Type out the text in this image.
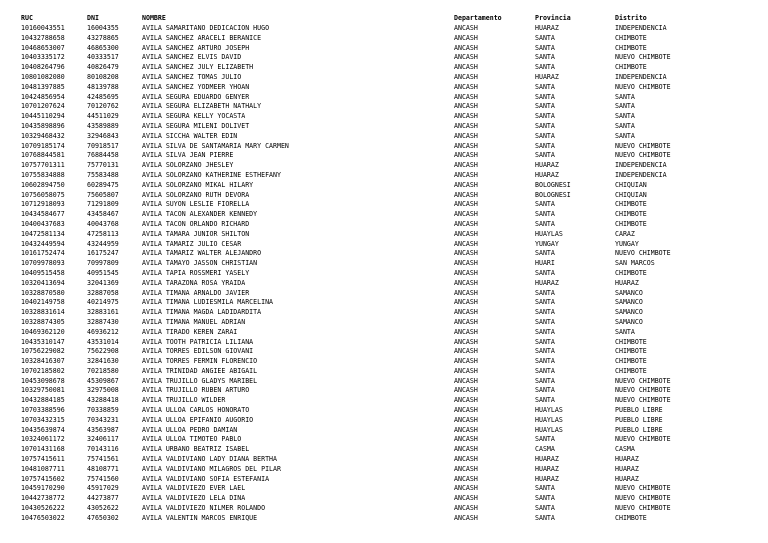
RUC	DNI	NOMBRE	Departamento	Provincia	Distrito
10160043551	16004355	AVILA SAMARITANO DEDICACION HUGO	ANCASH	HUARAZ	INDEPENDENCIA
10432788658	43278865	AVILA SANCHEZ ARACELI BERANICE	ANCASH	SANTA	CHIMBOTE
10468653007	46865300	AVILA SANCHEZ ARTURO JOSEPH	ANCASH	SANTA	CHIMBOTE
10403335172	40333517	AVILA SANCHEZ ELVIS DAVID	ANCASH	SANTA	NUEVO CHIMBOTE
10408264796	40826479	AVILA SANCHEZ JULY ELIZABETH	ANCASH	SANTA	CHIMBOTE
10801082080	80108208	AVILA SANCHEZ TOMAS JULIO	ANCASH	HUARAZ	INDEPENDENCIA
10481397885	48139788	AVILA SANCHEZ YODMEER YHOAN	ANCASH	SANTA	NUEVO CHIMBOTE
10424856954	42485695	AVILA SEGURA EDUARDO GENYER	ANCASH	SANTA	SANTA
10701207624	70120762	AVILA SEGURA ELIZABETH NATHALY	ANCASH	SANTA	SANTA
10445110294	44511029	AVILA SEGURA KELLY YOCASTA	ANCASH	SANTA	SANTA
10435898896	43589889	AVILA SEGURA MILENI DOLIVET	ANCASH	SANTA	SANTA
10329468432	32946843	AVILA SICCHA WALTER EDIN	ANCASH	SANTA	SANTA
10709185174	70918517	AVILA SILVA DE SANTAMARIA MARY CARMEN	ANCASH	SANTA	NUEVO CHIMBOTE
10768844581	76884458	AVILA SILVA JEAN PIERRE	ANCASH	SANTA	NUEVO CHIMBOTE
10757701311	75770131	AVILA SOLORZANO JHESLEY	ANCASH	HUARAZ	INDEPENDENCIA
10755834888	75583488	AVILA SOLORZANO KATHERINE ESTHEFANY	ANCASH	HUARAZ	INDEPENDENCIA
10602894750	60289475	AVILA SOLORZANO MIKAL HILARY	ANCASH	BOLOGNESI	CHIQUIAN
10756058075	75605807	AVILA SOLORZANO RUTH DEVORA	ANCASH	BOLOGNESI	CHIQUIAN
10712918093	71291809	AVILA SUYON LESLIE FIORELLA	ANCASH	SANTA	CHIMBOTE
10434584677	43458467	AVILA TACON ALEXANDER KENNEDY	ANCASH	SANTA	CHIMBOTE
10400437683	40043768	AVILA TACON ORLANDO RICHARD	ANCASH	SANTA	CHIMBOTE
10472581134	47258113	AVILA TAMARA JUNIOR SHILTON	ANCASH	HUAYLAS	CARAZ
10432449594	43244959	AVILA TAMARIZ JULIO CESAR	ANCASH	YUNGAY	YUNGAY
10161752474	16175247	AVILA TAMARIZ WALTER ALEJANDRO	ANCASH	SANTA	NUEVO CHIMBOTE
10709978093	70997809	AVILA TAMAYO JASSON CHRISTIAN	ANCASH	HUARI	SAN MARCOS
10409515458	40951545	AVILA TAPIA ROSSMERI YASELY	ANCASH	SANTA	CHIMBOTE
10320413694	32041369	AVILA TARAZONA ROSA YRAIDA	ANCASH	HUARAZ	HUARAZ
10328870580	32887058	AVILA TIMANA ARNALDO JAVIER	ANCASH	SANTA	SAMANCO
10402149758	40214975	AVILA TIMANA LUDIESMILA MARCELINA	ANCASH	SANTA	SAMANCO
10328831614	32883161	AVILA TIMANA MAGDA LADIDARDITA	ANCASH	SANTA	SAMANCO
10328874305	32887430	AVILA TIMANA MANUEL ADRIAN	ANCASH	SANTA	SAMANCO
10469362120	46936212	AVILA TIRADO KEREN ZARAI	ANCASH	SANTA	SANTA
10435310147	43531014	AVILA TOOTH PATRICIA LILIANA	ANCASH	SANTA	CHIMBOTE
10756229082	75622908	AVILA TORRES EDILSON GIOVANI	ANCASH	SANTA	CHIMBOTE
10328416307	32841630	AVILA TORRES FERMIN FLORENCIO	ANCASH	SANTA	CHIMBOTE
10702185802	70218580	AVILA TRINIDAD ANGIEE ABIGAIL	ANCASH	SANTA	CHIMBOTE
10453098678	45309867	AVILA TRUJILLO GLADYS MARIBEL	ANCASH	SANTA	NUEVO CHIMBOTE
10329750081	32975008	AVILA TRUJILLO RUBEN ARTURO	ANCASH	SANTA	NUEVO CHIMBOTE
10432884185	43288418	AVILA TRUJILLO WILDER	ANCASH	SANTA	NUEVO CHIMBOTE
10703388596	70338859	AVILA ULLOA CARLOS HONORATO	ANCASH	HUAYLAS	PUEBLO LIBRE
10703432315	70343231	AVILA ULLOA EPIFANIO AUGORIO	ANCASH	HUAYLAS	PUEBLO LIBRE
10435639874	43563987	AVILA ULLOA PEDRO DAMIAN	ANCASH	HUAYLAS	PUEBLO LIBRE
10324061172	32406117	AVILA ULLOA TIMOTEO PABLO	ANCASH	SANTA	NUEVO CHIMBOTE
10701431168	70143116	AVILA URBANO BEATRIZ ISABEL	ANCASH	CASMA	CASMA
10757415611	75741561	AVILA VALDIVIANO LADY DIANA BERTHA	ANCASH	HUARAZ	HUARAZ
10481087711	48108771	AVILA VALDIVIANO MILAGROS DEL PILAR	ANCASH	HUARAZ	HUARAZ
10757415602	75741560	AVILA VALDIVIANO SOFIA ESTEFANIA	ANCASH	HUARAZ	HUARAZ
10459170290	45917029	AVILA VALDIVIEZO EVER LAEL	ANCASH	SANTA	NUEVO CHIMBOTE
10442738772	44273877	AVILA VALDIVIEZO LELA DINA	ANCASH	SANTA	NUEVO CHIMBOTE
10430526222	43052622	AVILA VALDIVIEZO NILMER ROLANDO	ANCASH	SANTA	NUEVO CHIMBOTE
10476503022	47650302	AVILA VALENTIN MARCOS ENRIQUE	ANCASH	SANTA	CHIMBOTE
